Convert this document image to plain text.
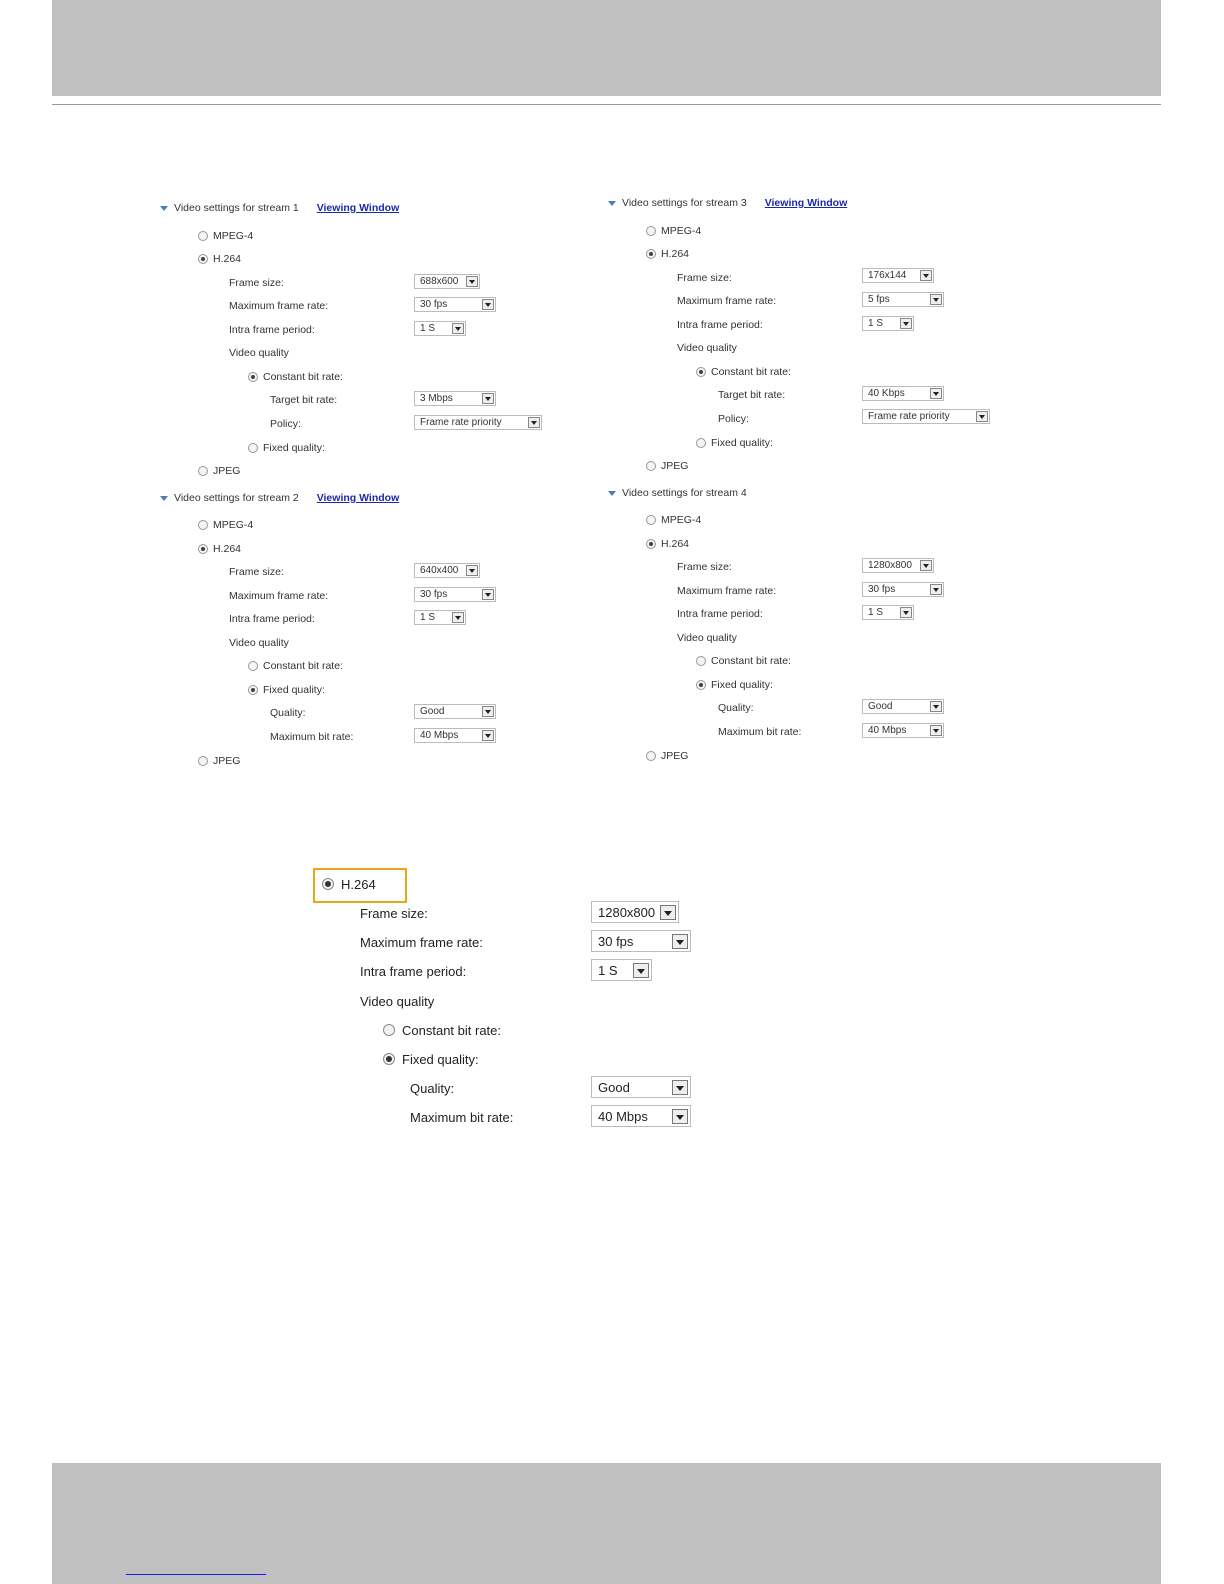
Video settings for stream 1 Viewing Window
MPEG-4
H.264
Frame size:	688x600
Maximum frame rate:	30 fps
Intra frame period:	1 S
Video quality
Constant bit rate:
Target bit rate:	3 Mbps
Policy:	Frame rate priority
Fixed quality:
JPEG
Video settings for stream 2 Viewing Window
MPEG-4
H.264
Frame size:	640x400
Maximum frame rate:	30 fps
Intra frame period:	1 S
Video quality
Constant bit rate:
Fixed quality:
Quality:	Good
Maximum bit rate:	40 Mbps
JPEG
Video settings for stream 3 Viewing Window
MPEG-4
H.264
Frame size:	176x144
Maximum frame rate:	5 fps
Intra frame period:	1 S
Video quality
Constant bit rate:
Target bit rate:	40 Kbps
Policy:	Frame rate priority
Fixed quality:
JPEG
Video settings for stream 4
MPEG-4
H.264
Frame size:	1280x800
Maximum frame rate:	30 fps
Intra frame period:	1 S
Video quality
Constant bit rate:
Fixed quality:
Quality:	Good
Maximum bit rate:	40 Mbps
JPEG
H.264
Frame size:	1280x800
Maximum frame rate:	30 fps
Intra frame period:	1 S
Video quality
Constant bit rate:
Fixed quality:
Quality:	Good
Maximum bit rate:	40 Mbps
